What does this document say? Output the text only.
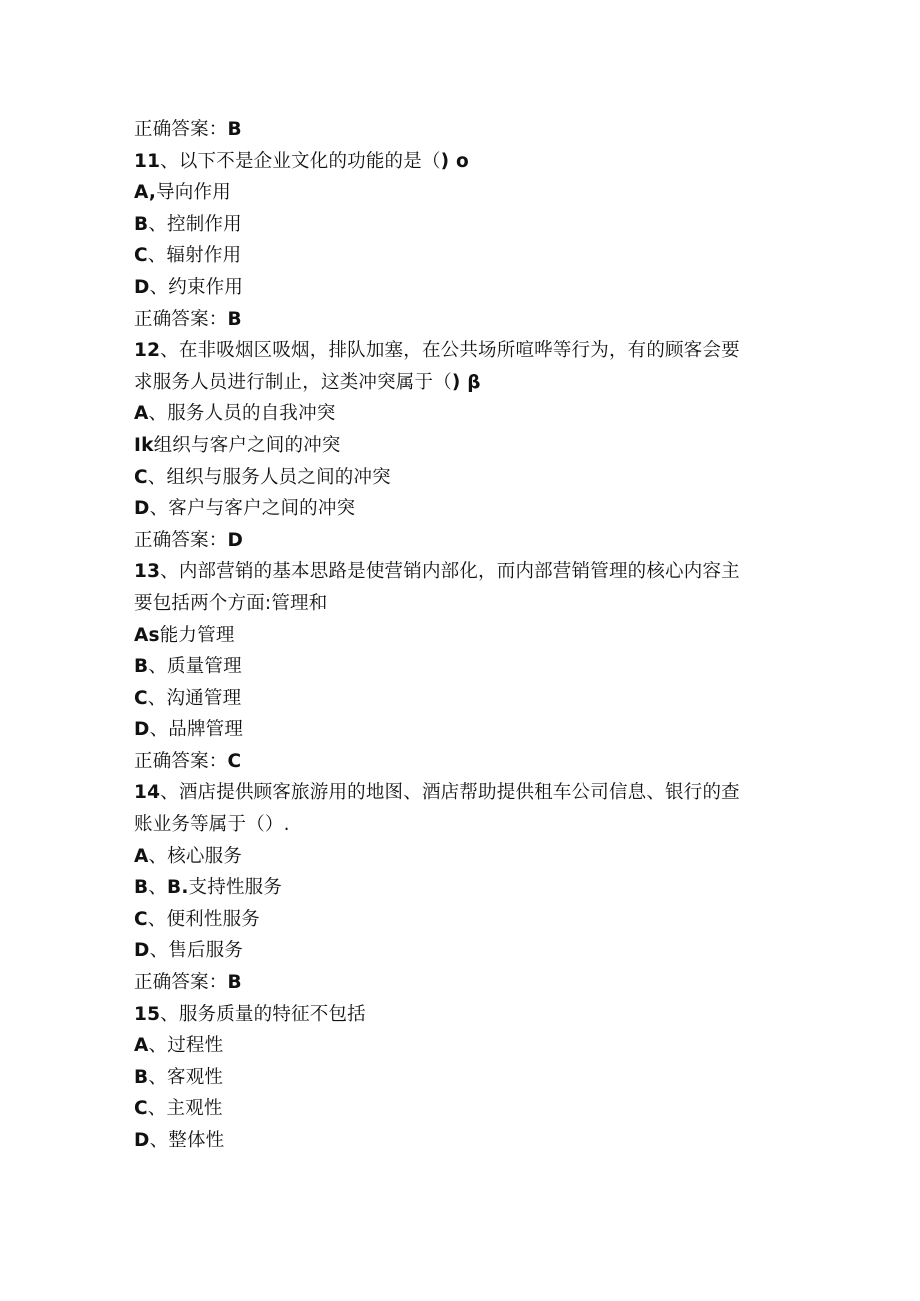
正确答案：B
11、以下不是企业文化的功能的是（) o
A,导向作用
B、控制作用
C、辐射作用
D、约束作用
正确答案：B
12、在非吸烟区吸烟，排队加塞，在公共场所喧哗等行为，有的顾客会要
求服务人员进行制止，这类冲突属于（) β
A、服务人员的自我冲突
Ik组织与客户之间的冲突
C、组织与服务人员之间的冲突
D、客户与客户之间的冲突
正确答案：D
13、内部营销的基本思路是使营销内部化，而内部营销管理的核心内容主
要包括两个方面:管理和
As能力管理
B、质量管理
C、沟通管理
D、品牌管理
正确答案：C
14、酒店提供顾客旅游用的地图、酒店帮助提供租车公司信息、银行的查
账业务等属于（）.
A、核心服务
B、B.支持性服务
C、便利性服务
D、售后服务
正确答案：B
15、服务质量的特征不包括
A、过程性
B、客观性
C、主观性
D、整体性
